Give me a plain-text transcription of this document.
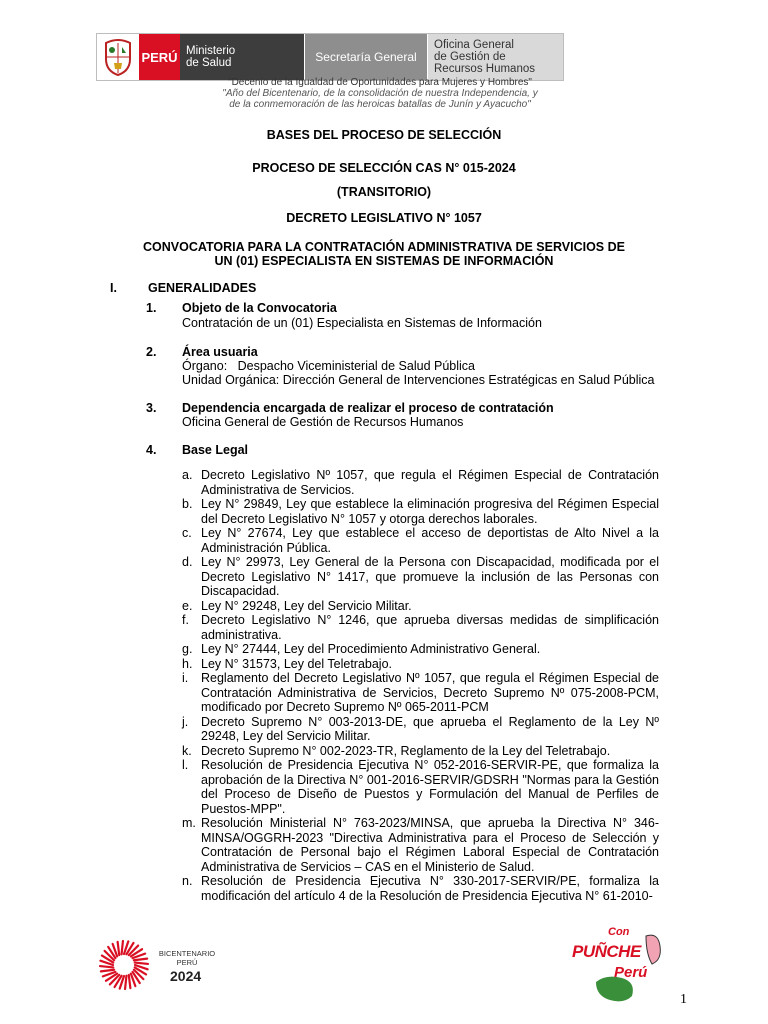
PERÚ Ministerio
de Salud	Secretaría General
Oficina General
de Gestión de
Recursos Humanos
"Decenio de la Igualdad de Oportunidades para Mujeres y Hombres"
"Año del Bicentenario, de la consolidación de nuestra Independencia, y
de la conmemoración de las heroicas batallas de Junín y Ayacucho"
BASES DEL PROCESO DE SELECCIÓN
PROCESO DE SELECCIÓN CAS N° 015-2024
(TRANSITORIO)
DECRETO LEGISLATIVO N° 1057
CONVOCATORIA PARA LA CONTRATACIÓN ADMINISTRATIVA DE SERVICIOS DE
UN (01) ESPECIALISTA EN SISTEMAS DE INFORMACIÓN
I. GENERALIDADES
1. Objeto de la Convocatoria
Contratación de un (01) Especialista en Sistemas de Información
2. Área usuaria
Órgano:   Despacho Viceministerial de Salud Pública
Unidad Orgánica: Dirección General de Intervenciones Estratégicas en Salud Pública
3. Dependencia encargada de realizar el proceso de contratación
Oficina General de Gestión de Recursos Humanos
4. Base Legal
a. Decreto Legislativo Nº 1057, que regula el Régimen Especial de Contratación Administrativa de Servicios.
b. Ley N° 29849, Ley que establece la eliminación progresiva del Régimen Especial del Decreto Legislativo N° 1057 y otorga derechos laborales.
c. Ley N° 27674, Ley que establece el acceso de deportistas de Alto Nivel a la Administración Pública.
d. Ley N° 29973, Ley General de la Persona con Discapacidad, modificada por el Decreto Legislativo N° 1417, que promueve la inclusión de las Personas con Discapacidad.
e. Ley N° 29248, Ley del Servicio Militar.
f. Decreto Legislativo N° 1246, que aprueba diversas medidas de simplificación administrativa.
g. Ley N° 27444, Ley del Procedimiento Administrativo General.
h. Ley N° 31573, Ley del Teletrabajo.
i.	Reglamento del Decreto Legislativo Nº 1057, que regula el Régimen Especial de Contratación Administrativa de Servicios, Decreto Supremo Nº 075-2008-PCM, modificado por Decreto Supremo Nº 065-2011-PCM
j.	Decreto Supremo N° 003-2013-DE, que aprueba el Reglamento de la Ley Nº 29248, Ley del Servicio Militar.
k. Decreto Supremo N° 002-2023-TR, Reglamento de la Ley del Teletrabajo.
l.	Resolución de Presidencia Ejecutiva N° 052-2016-SERVIR-PE, que formaliza la aprobación de la Directiva N° 001-2016-SERVIR/GDSRH "Normas para la Gestión del Proceso de Diseño de Puestos y Formulación del Manual de Perfiles de Puestos-MPP".
m. Resolución Ministerial N° 763-2023/MINSA, que aprueba la Directiva N° 346-MINSA/OGGRH-2023 "Directiva Administrativa para el Proceso de Selección y Contratación de Personal bajo el Régimen Laboral Especial de Contratación Administrativa de Servicios – CAS en el Ministerio de Salud.
n. Resolución de Presidencia Ejecutiva N° 330-2017-SERVIR/PE, formaliza la modificación del artículo 4 de la Resolución de Presidencia Ejecutiva N° 61-2010-
BICENTENARIO
PERÚ
2024
Con
PUÑCHE
Perú
1
